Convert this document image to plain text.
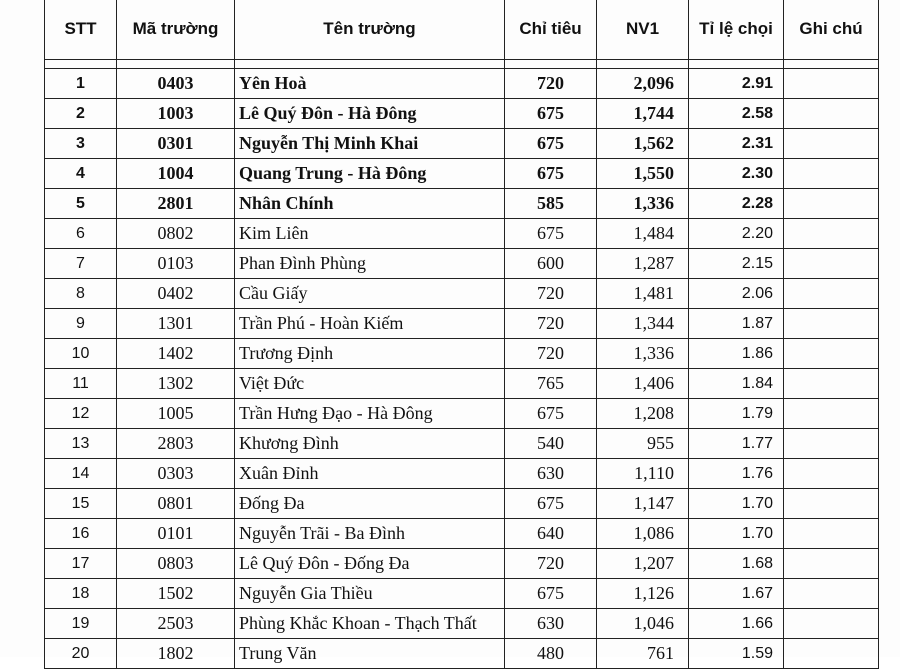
STT	Mã trường	Tên trường	Chỉ tiêu	NV1	Tỉ lệ chọi	Ghi chú

1	0403	Yên Hoà	720	2,096	2.91	
2	1003	Lê Quý Đôn - Hà Đông	675	1,744	2.58	
3	0301	Nguyễn Thị Minh Khai	675	1,562	2.31	
4	1004	Quang Trung - Hà Đông	675	1,550	2.30	
5	2801	Nhân Chính	585	1,336	2.28	
6	0802	Kim Liên	675	1,484	2.20	
7	0103	Phan Đình Phùng	600	1,287	2.15	
8	0402	Cầu Giấy	720	1,481	2.06	
9	1301	Trần Phú - Hoàn Kiếm	720	1,344	1.87	
10	1402	Trương Định	720	1,336	1.86	
11	1302	Việt Đức	765	1,406	1.84	
12	1005	Trần Hưng Đạo - Hà Đông	675	1,208	1.79	
13	2803	Khương Đình	540	955	1.77	
14	0303	Xuân Đỉnh	630	1,110	1.76	
15	0801	Đống Đa	675	1,147	1.70	
16	0101	Nguyễn Trãi - Ba Đình	640	1,086	1.70	
17	0803	Lê Quý Đôn - Đống Đa	720	1,207	1.68	
18	1502	Nguyễn Gia Thiều	675	1,126	1.67	
19	2503	Phùng Khắc Khoan - Thạch Thất	630	1,046	1.66	
20	1802	Trung Văn	480	761	1.59	
